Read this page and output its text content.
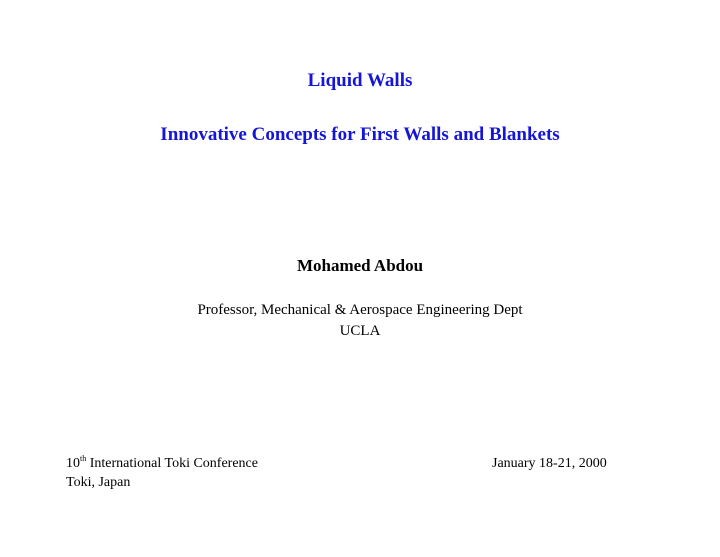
Liquid Walls
Innovative Concepts for First Walls and Blankets
Mohamed Abdou
Professor, Mechanical & Aerospace Engineering Dept
UCLA
10th International Toki Conference
Toki, Japan
January 18-21, 2000
